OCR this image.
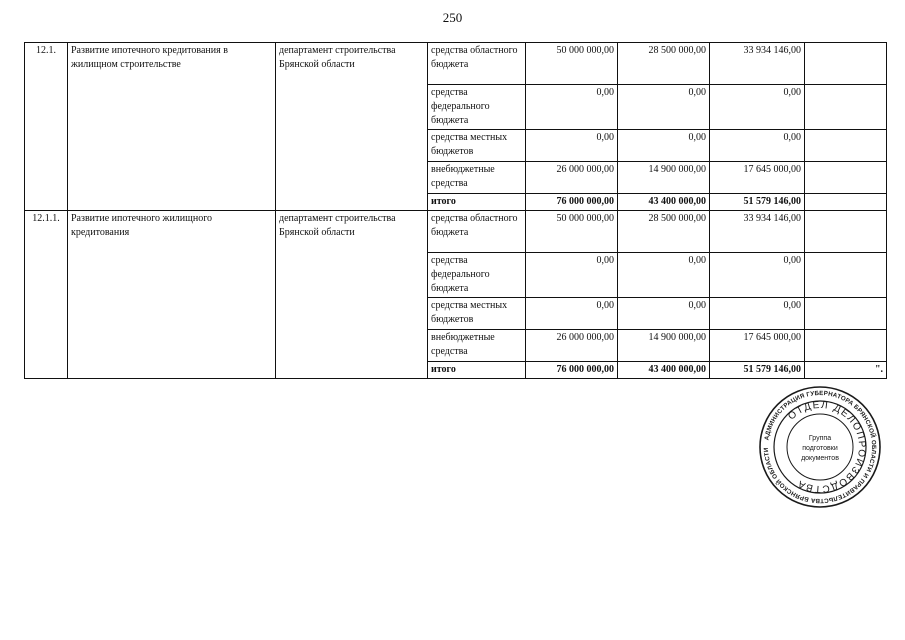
250
12.1.	Развитие ипотечного кредитования в жилищном строительстве	департамент строительства Брянской области	средства областного бюджета	50 000 000,00	28 500 000,00	33 934 146,00	
			средства федерального бюджета	0,00	0,00	0,00	
			средства местных бюджетов	0,00	0,00	0,00	
			внебюджетные средства	26 000 000,00	14 900 000,00	17 645 000,00	
			итого	76 000 000,00	43 400 000,00	51 579 146,00	
12.1.1.	Развитие ипотечного жилищного кредитования	департамент строительства Брянской области	средства областного бюджета	50 000 000,00	28 500 000,00	33 934 146,00	
			средства федерального бюджета	0,00	0,00	0,00	
			средства местных бюджетов	0,00	0,00	0,00	
			внебюджетные средства	26 000 000,00	14 900 000,00	17 645 000,00	
			итого	76 000 000,00	43 400 000,00	51 579 146,00	".
АДМИНИСТРАЦИЯ ГУБЕРНАТОРА БРЯНСКОЙ ОБЛАСТИ И ПРАВИТЕЛЬСТВА БРЯНСКОЙ ОБЛАСТИ
ОТДЕЛ ДЕЛОПРОИЗВОДСТВА
Группа
подготовки
документов
